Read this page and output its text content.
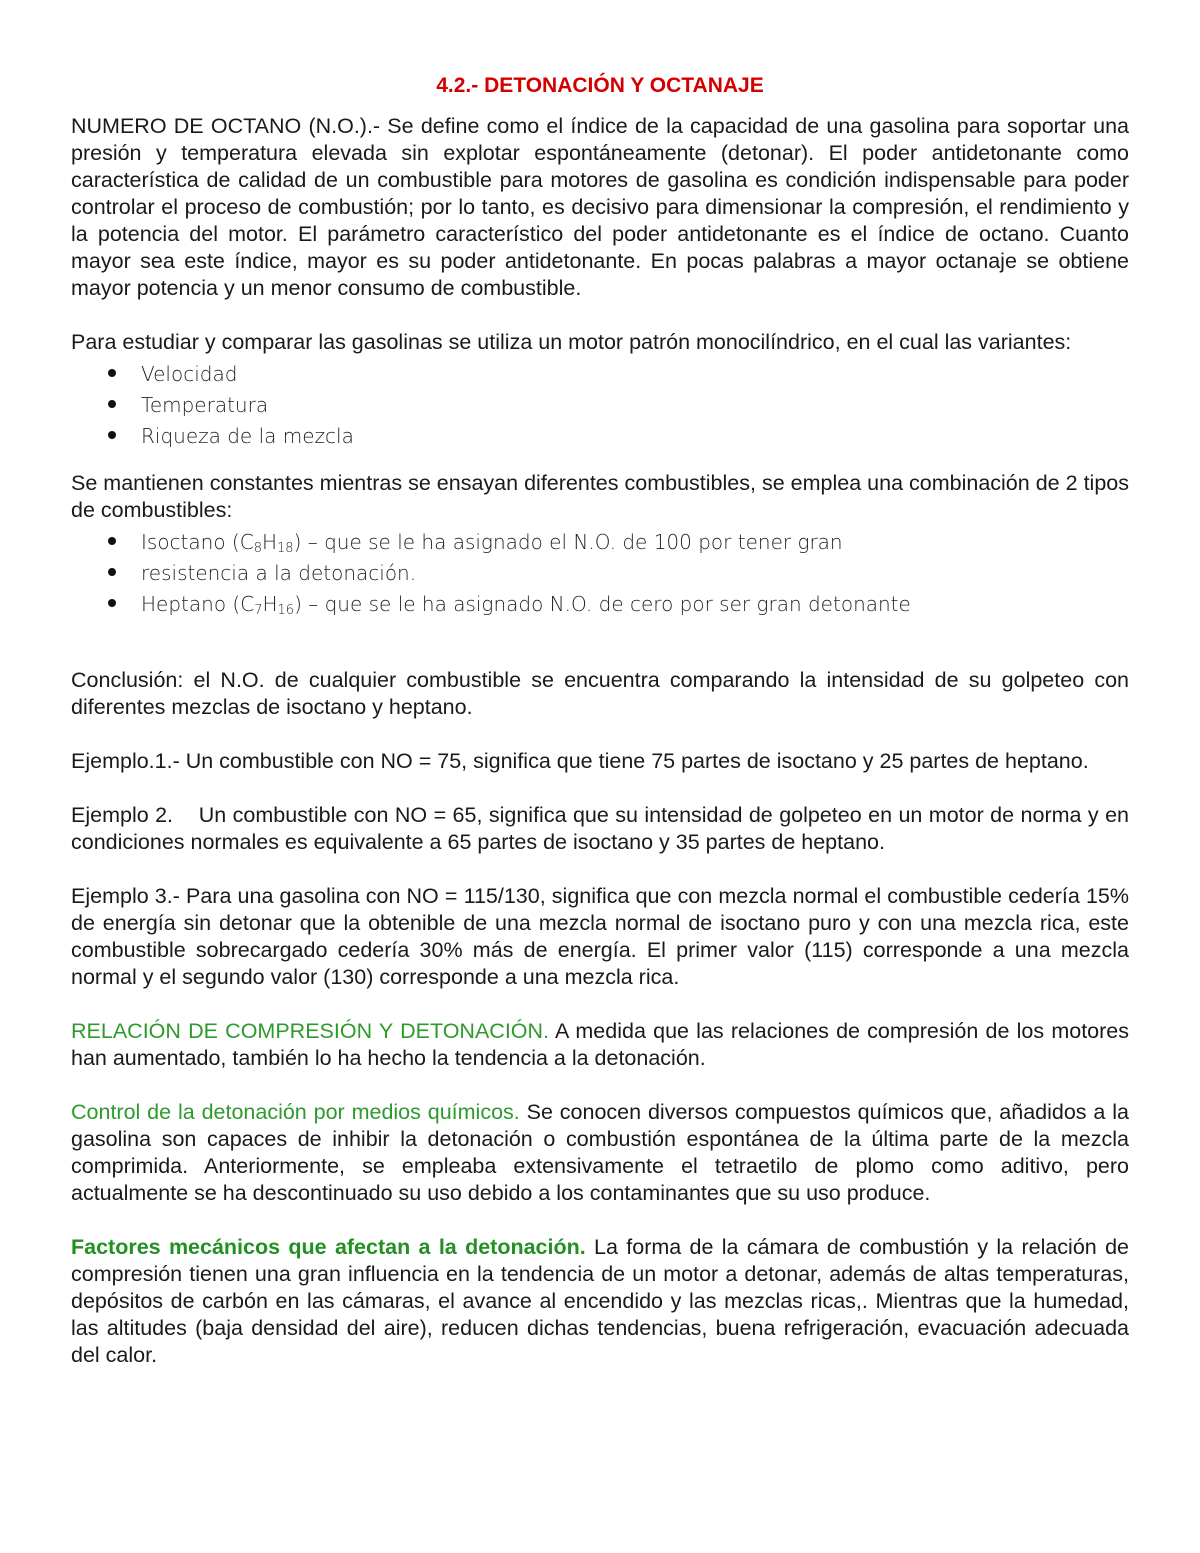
4.2.- DETONACIÓN Y OCTANAJE

NUMERO DE OCTANO (N.O.).- Se define como el índice de la capacidad de una gasolina para soportar una presión y temperatura elevada sin explotar espontáneamente (detonar). El poder antidetonante como característica de calidad de un combustible para motores de gasolina es condición indispensable para poder controlar el proceso de combustión; por lo tanto, es decisivo para dimensionar la compresión, el rendimiento y la potencia del motor. El parámetro característico del poder antidetonante es el índice de octano. Cuanto mayor sea este índice, mayor es su poder antidetonante. En pocas palabras a mayor octanaje se obtiene mayor potencia y un menor consumo de combustible.

Para estudiar y comparar las gasolinas se utiliza un motor patrón monocilíndrico, en el cual las variantes:

Velocidad
Temperatura
Riqueza de la mezcla

Se mantienen constantes mientras se ensayan diferentes combustibles, se emplea una combinación de 2 tipos de combustibles:

Isoctano $(C_8H_{18})$ – que se le ha asignado el N.O. de 100 por tener gran
resistencia a la detonación.
Heptano $(C_7H_{16})$ – que se le ha asignado N.O. de cero por ser gran detonante

Conclusión: el N.O. de cualquier combustible se encuentra comparando la intensidad de su golpeteo con diferentes mezclas de isoctano y heptano.

Ejemplo.1.- Un combustible con NO = 75, significa que tiene 75 partes de isoctano y 25 partes de heptano.

Ejemplo 2.    Un combustible con NO = 65, significa que su intensidad de golpeteo en un motor de norma y en condiciones normales es equivalente a 65 partes de isoctano y 35 partes de heptano.

Ejemplo 3.- Para una gasolina con NO = 115/130, significa que con mezcla normal el combustible cedería 15% de energía sin detonar que la obtenible de una mezcla normal de isoctano puro y con una mezcla rica, este combustible sobrecargado cedería 30% más de energía. El primer valor (115) corresponde a una mezcla normal y el segundo valor (130) corresponde a una mezcla rica.

RELACIÓN DE COMPRESIÓN Y DETONACIÓN. A medida que las relaciones de compresión de los motores han aumentado, también lo ha hecho la tendencia a la detonación.

Control de la detonación por medios químicos. Se conocen diversos compuestos químicos que, añadidos a la gasolina son capaces de inhibir la detonación o combustión espontánea de la última parte de la mezcla comprimida. Anteriormente, se empleaba extensivamente el tetraetilo de plomo como aditivo, pero actualmente se ha descontinuado su uso debido a los contaminantes que su uso produce.

Factores mecánicos que afectan a la detonación. La forma de la cámara de combustión y la relación de compresión tienen una gran influencia en la tendencia de un motor a detonar, además de altas temperaturas, depósitos de carbón en las cámaras, el avance al encendido y las mezclas ricas,. Mientras que la humedad, las altitudes (baja densidad del aire), reducen dichas tendencias, buena refrigeración, evacuación adecuada del calor.
